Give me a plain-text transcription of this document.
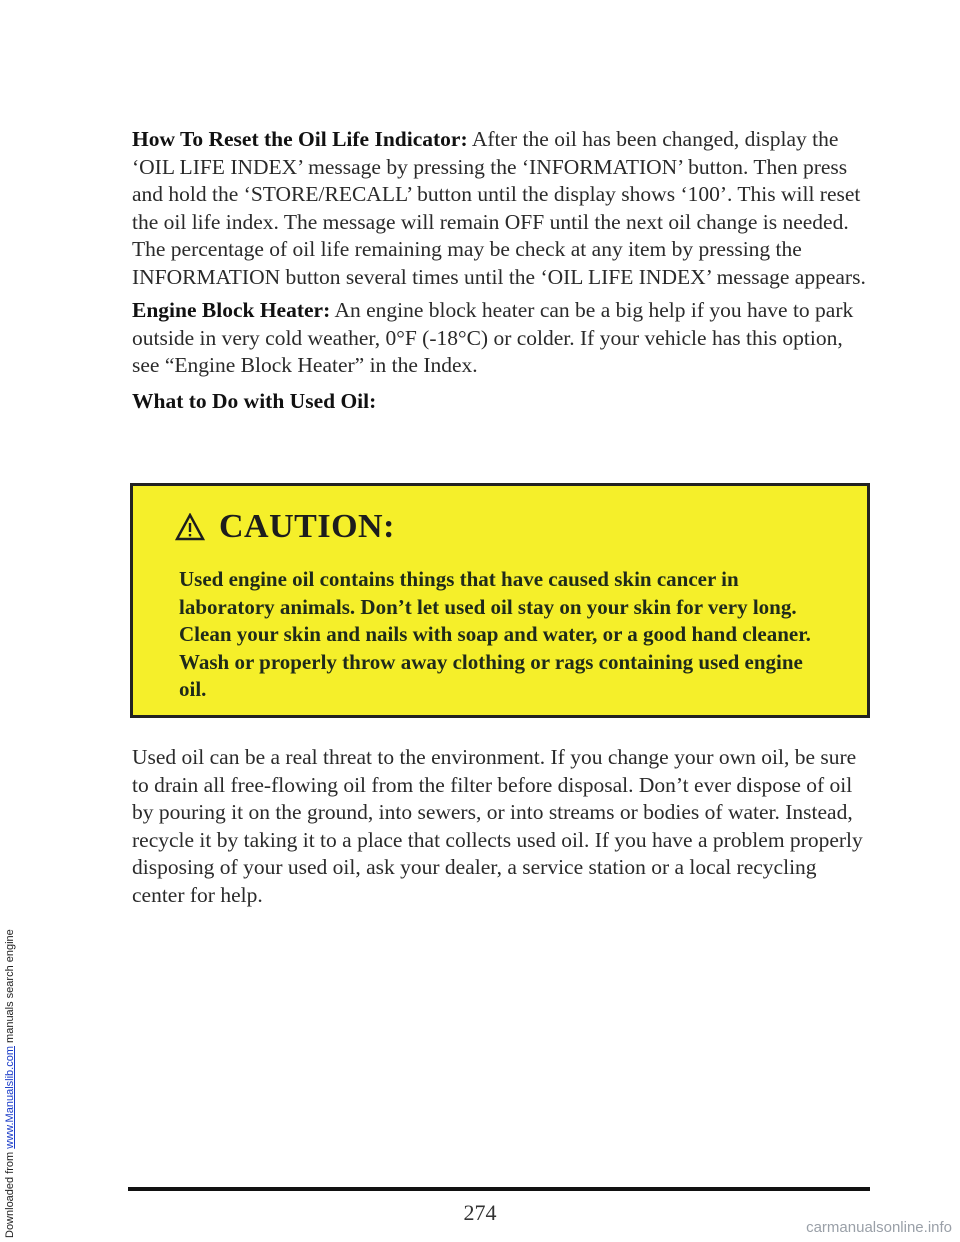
Downloaded from www.Manualslib.com manuals search engine

How To Reset the Oil Life Indicator: After the oil has been changed, display the ‘OIL LIFE INDEX’ message by pressing the ‘INFORMATION’ button. Then press and hold the ‘STORE/RECALL’ button until the display shows ‘100’. This will reset the oil life index. The message will remain OFF until the next oil change is needed. The percentage of oil life remaining may be check at any item by pressing the INFORMATION button several times until the ‘OIL LIFE INDEX’ message appears.

Engine Block Heater: An engine block heater can be a big help if you have to park outside in very cold weather, 0°F (-18°C) or colder. If your vehicle has this option, see “Engine Block Heater” in the Index.

What to Do with Used Oil:

CAUTION:
Used engine oil contains things that have caused skin cancer in laboratory animals. Don’t let used oil stay on your skin for very long. Clean your skin and nails with soap and water, or a good hand cleaner. Wash or properly throw away clothing or rags containing used engine oil.

Used oil can be a real threat to the environment. If you change your own oil, be sure to drain all free-flowing oil from the filter before disposal. Don’t ever dispose of oil by pouring it on the ground, into sewers, or into streams or bodies of water. Instead, recycle it by taking it to a place that collects used oil. If you have a problem properly disposing of your used oil, ask your dealer, a service station or a local recycling center for help.

274
carmanualsonline.info
